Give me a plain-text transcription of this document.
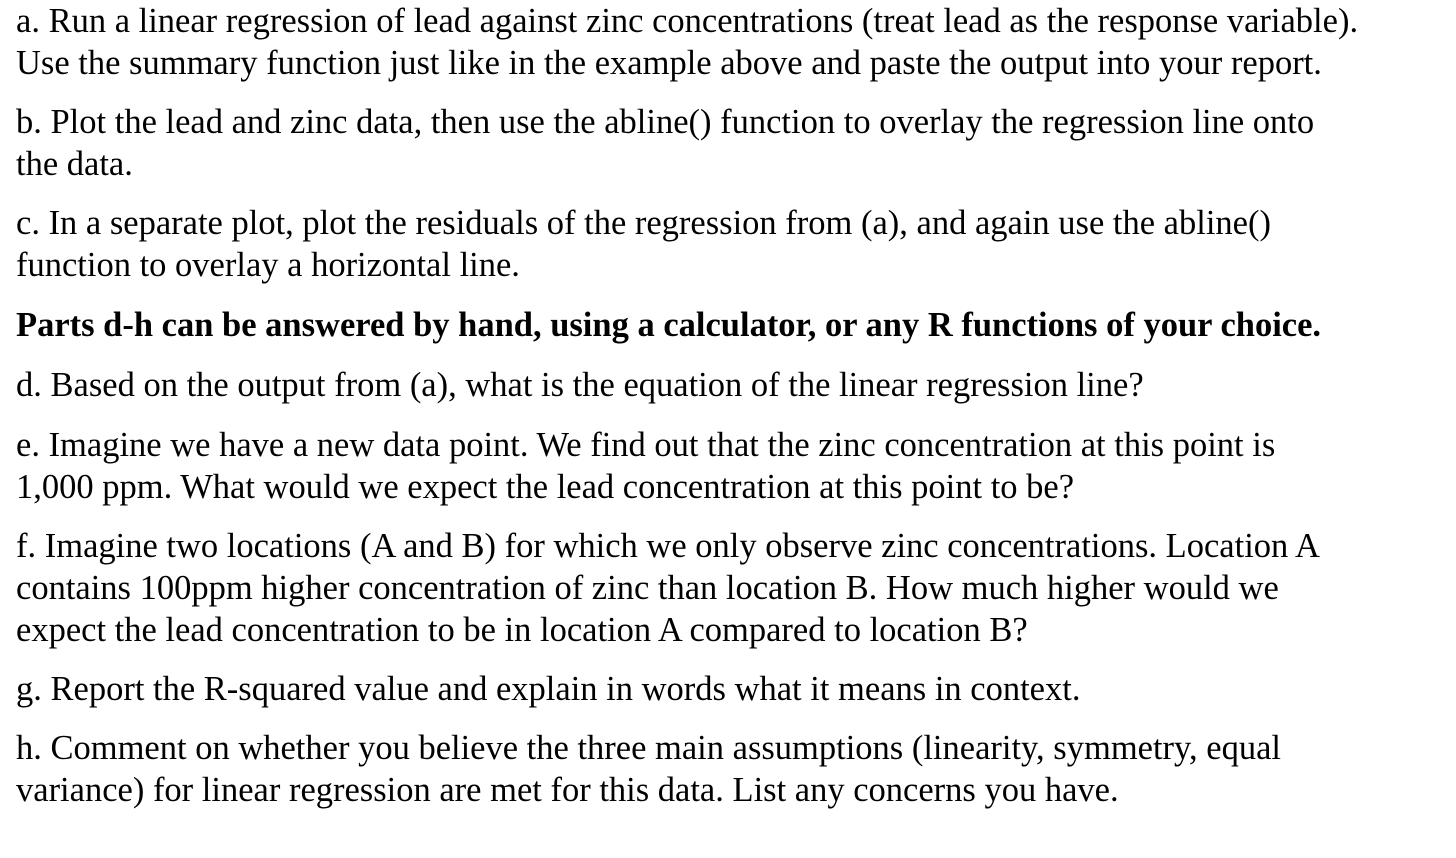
a. Run a linear regression of lead against zinc concentrations (treat lead as the response variable).
Use the summary function just like in the example above and paste the output into your report.

b. Plot the lead and zinc data, then use the abline() function to overlay the regression line onto
the data.

c. In a separate plot, plot the residuals of the regression from (a), and again use the abline()
function to overlay a horizontal line.

Parts d-h can be answered by hand, using a calculator, or any R functions of your choice.

d. Based on the output from (a), what is the equation of the linear regression line?

e. Imagine we have a new data point. We find out that the zinc concentration at this point is
1,000 ppm. What would we expect the lead concentration at this point to be?

f. Imagine two locations (A and B) for which we only observe zinc concentrations. Location A
contains 100ppm higher concentration of zinc than location B. How much higher would we
expect the lead concentration to be in location A compared to location B?

g. Report the R-squared value and explain in words what it means in context.

h. Comment on whether you believe the three main assumptions (linearity, symmetry, equal
variance) for linear regression are met for this data. List any concerns you have.
